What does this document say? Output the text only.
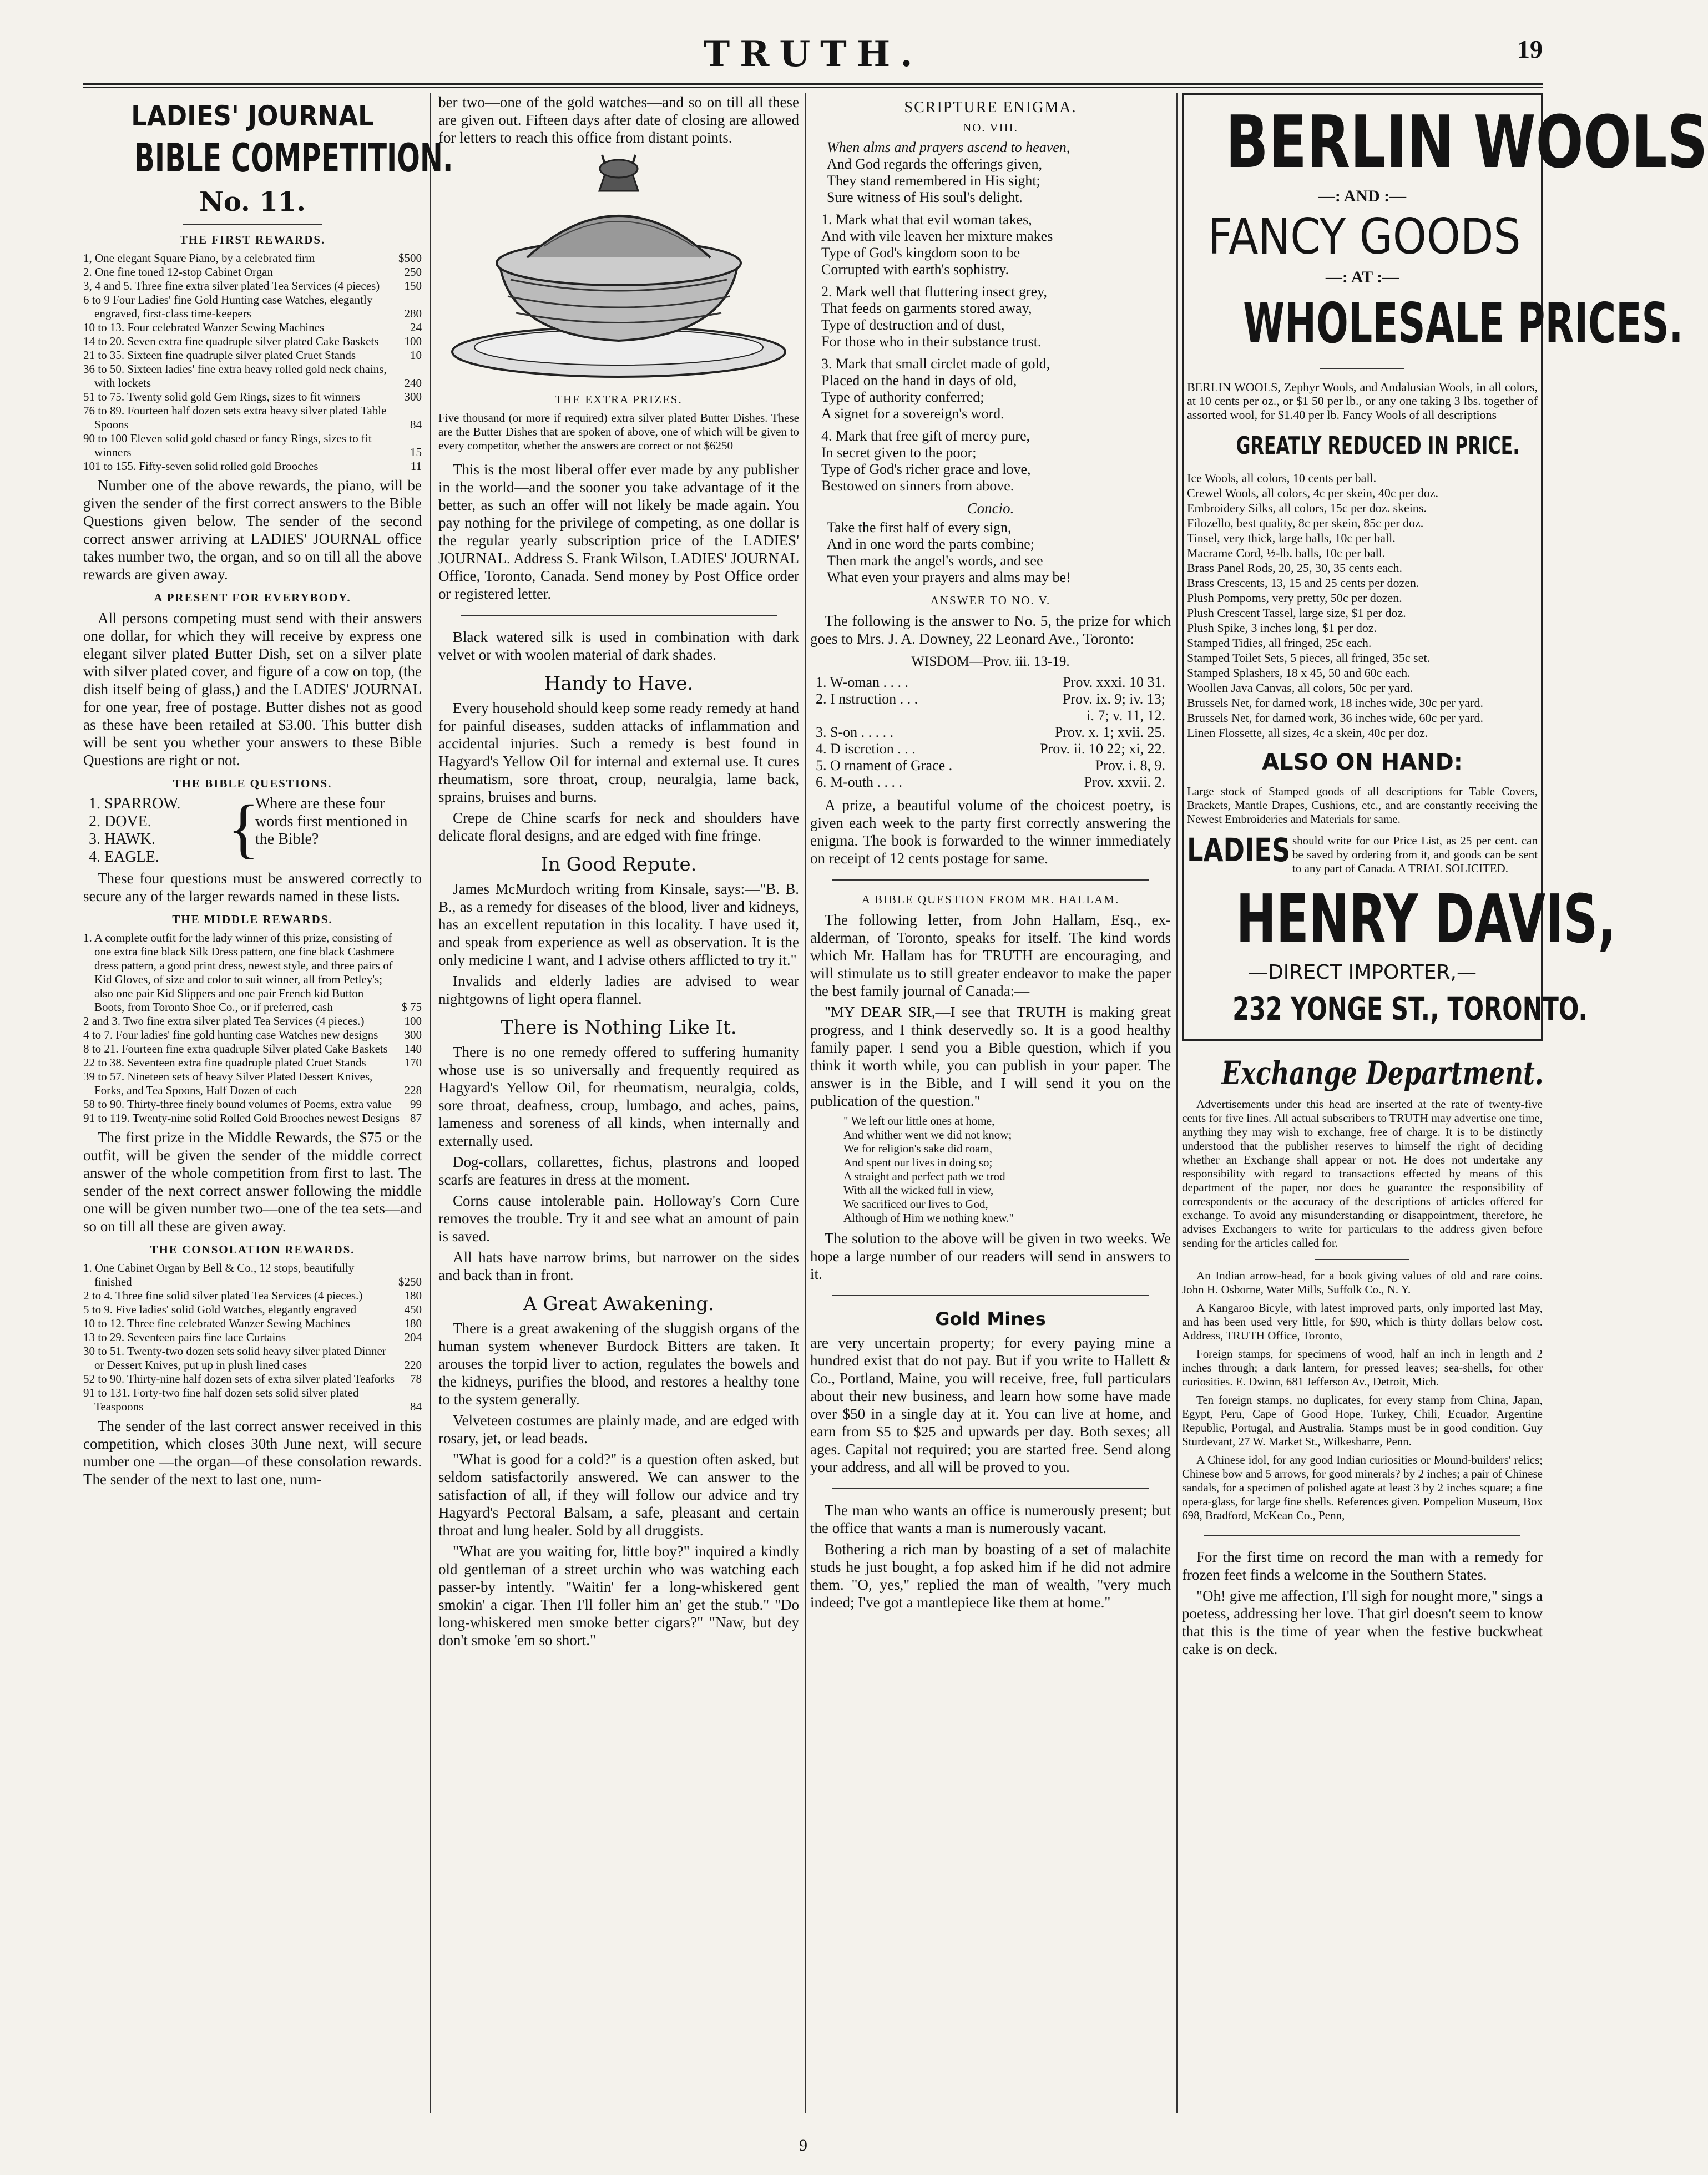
TRUTH.	19
LADIES' JOURNAL
BIBLE COMPETITION.
No. 11.
THE FIRST REWARDS.
1, One elegant Square Piano, by a celebrated firm	$500
2. One fine toned 12-stop Cabinet Organ	250
3, 4 and 5. Three fine extra silver plated Tea Services (4 pieces)	150
6 to 9 Four Ladies' fine Gold Hunting case Watches, elegantly engraved, first-class time-keepers	280
10 to 13. Four celebrated Wanzer Sewing Machines	24
14 to 20. Seven extra fine quadruple silver plated Cake Baskets	100
21 to 35. Sixteen fine quadruple silver plated Cruet Stands	10
36 to 50. Sixteen ladies' fine extra heavy rolled gold neck chains, with lockets	240
51 to 75. Twenty solid gold Gem Rings, sizes to fit winners	300
76 to 89. Fourteen half dozen sets extra heavy silver plated Table Spoons	84
90 to 100 Eleven solid gold chased or fancy Rings, sizes to fit winners	15
101 to 155. Fifty-seven solid rolled gold Brooches	11

Number one of the above rewards, the piano, will be given the sender of the first correct answers to the Bible Questions given below. The sender of the second correct answer arriving at LADIES' JOURNAL office takes number two, the organ, and so on till all the above rewards are given away.

A PRESENT FOR EVERYBODY.

All persons competing must send with their answers one dollar, for which they will receive by express one elegant silver plated Butter Dish, set on a silver plate with silver plated cover, and figure of a cow on top, (the dish itself being of glass,) and the LADIES' JOURNAL for one year, free of postage. Butter dishes not as good as these have been retailed at $3.00. This butter dish will be sent you whether your answers to these Bible Questions are right or not.

THE BIBLE QUESTIONS.
1. SPARROW.
2. DOVE.
3. HAWK.
4. EAGLE.	{
Where are these four words first mentioned in the Bible?

These four questions must be answered correctly to secure any of the larger rewards named in these lists.

THE MIDDLE REWARDS.
1. A complete outfit for the lady winner of this prize, consisting of one extra fine black Silk Dress pattern, one fine black Cashmere dress pattern, a good print dress, newest style, and three pairs of Kid Gloves, of size and color to suit winner, all from Petley's; also one pair Kid Slippers and one pair French kid Button Boots, from Toronto Shoe Co., or if preferred, cash	$ 75
2 and 3. Two fine extra silver plated Tea Services (4 pieces.)	100
4 to 7. Four ladies' fine gold hunting case Watches new designs	300
8 to 21. Fourteen fine extra quadruple Silver plated Cake Baskets	140
22 to 38. Seventeen extra fine quadruple plated Cruet Stands	170
39 to 57. Nineteen sets of heavy Silver Plated Dessert Knives, Forks, and Tea Spoons, Half Dozen of each	228
58 to 90. Thirty-three finely bound volumes of Poems, extra value	99
91 to 119. Twenty-nine solid Rolled Gold Brooches newest Designs 87

The first prize in the Middle Rewards, the $75 or the outfit, will be given the sender of the middle correct answer of the whole competition from first to last. The sender of the next correct answer following the middle one will be given number two—one of the tea sets—and so on till all these are given away.

THE CONSOLATION REWARDS.
1. One Cabinet Organ by Bell & Co., 12 stops, beautifully finished	$250
2 to 4. Three fine solid silver plated Tea Services (4 pieces.)	180
5 to 9. Five ladies' solid Gold Watches, elegantly engraved	450
10 to 12. Three fine celebrated Wanzer Sewing Machines	180
13 to 29. Seventeen pairs fine lace Curtains	204
30 to 51. Twenty-two dozen sets solid heavy silver plated Dinner or Dessert Knives, put up in plush lined cases	220
52 to 90. Thirty-nine half dozen sets of extra silver plated Teaforks	78
91 to 131. Forty-two fine half dozen sets solid silver plated Teaspoons	84

The sender of the last correct answer received in this competition, which closes 30th June next, will secure number one —the organ—of these consolation rewards. The sender of the next to last one, num-

ber two—one of the gold watches—and so on till all these are given out. Fifteen days after date of closing are allowed for letters to reach this office from distant points.

THE EXTRA PRIZES.

Five thousand (or more if required) extra silver plated Butter Dishes. These are the Butter Dishes that are spoken of above, one of which will be given to every competitor, whether the answers are correct or not $6250

This is the most liberal offer ever made by any publisher in the world—and the sooner you take advantage of it the better, as such an offer will not likely be made again. You pay nothing for the privilege of competing, as one dollar is the regular yearly subscription price of the LADIES' JOURNAL. Address S. Frank Wilson, LADIES' JOURNAL Office, Toronto, Canada. Send money by Post Office order or registered letter.

Black watered silk is used in combination with dark velvet or with woolen material of dark shades.

Handy to Have.

Every household should keep some ready remedy at hand for painful diseases, sudden attacks of inflammation and accidental injuries. Such a remedy is best found in Hagyard's Yellow Oil for internal and external use. It cures rheumatism, sore throat, croup, neuralgia, lame back, sprains, bruises and burns.

Crepe de Chine scarfs for neck and shoulders have delicate floral designs, and are edged with fine fringe.

In Good Repute.

James McMurdoch writing from Kinsale, says:—"B. B. B., as a remedy for diseases of the blood, liver and kidneys, has an excellent reputation in this locality. I have used it, and speak from experience as well as observation. It is the only medicine I want, and I advise others afflicted to try it."

Invalids and elderly ladies are advised to wear nightgowns of light opera flannel.

There is Nothing Like It.

There is no one remedy offered to suffering humanity whose use is so universally and frequently required as Hagyard's Yellow Oil, for rheumatism, neuralgia, colds, sore throat, deafness, croup, lumbago, and aches, pains, lameness and soreness of all kinds, when internally and externally used.

Dog-collars, collarettes, fichus, plastrons and looped scarfs are features in dress at the moment.

Corns cause intolerable pain. Holloway's Corn Cure removes the trouble. Try it and see what an amount of pain is saved.

All hats have narrow brims, but narrower on the sides and back than in front.

A Great Awakening.

There is a great awakening of the sluggish organs of the human system whenever Burdock Bitters are taken. It arouses the torpid liver to action, regulates the bowels and the kidneys, purifies the blood, and restores a healthy tone to the system generally.

Velveteen costumes are plainly made, and are edged with rosary, jet, or lead beads.

"What is good for a cold?" is a question often asked, but seldom satisfactorily answered. We can answer to the satisfaction of all, if they will follow our advice and try Hagyard's Pectoral Balsam, a safe, pleasant and certain throat and lung healer. Sold by all druggists.

"What are you waiting for, little boy?" inquired a kindly old gentleman of a street urchin who was watching each passer-by intently. "Waitin' fer a long-whiskered gent smokin' a cigar. Then I'll foller him an' get the stub." "Do long-whiskered men smoke better cigars?" "Naw, but dey don't smoke 'em so short."

SCRIPTURE ENIGMA.
NO. VIII.
When alms and prayers ascend to heaven,
And God regards the offerings given,
They stand remembered in His sight;
Sure witness of His soul's delight.
1. Mark what that evil woman takes,
And with vile leaven her mixture makes
Type of God's kingdom soon to be
Corrupted with earth's sophistry.
2. Mark well that fluttering insect grey,
That feeds on garments stored away,
Type of destruction and of dust,
For those who in their substance trust.
3. Mark that small circlet made of gold,
Placed on the hand in days of old,
Type of authority conferred;
A signet for a sovereign's word.
4. Mark that free gift of mercy pure,
In secret given to the poor;
Type of God's richer grace and love,
Bestowed on sinners from above.
Concio.
Take the first half of every sign,
And in one word the parts combine;
Then mark the angel's words, and see
What even your prayers and alms may be!
ANSWER TO NO. V.

The following is the answer to No. 5, the prize for which goes to Mrs. J. A. Downey, 22 Leonard Ave., Toronto:

WISDOM—Prov. iii. 13-19.
1. W-oman . . . .	Prov. xxxi. 10 31.
2. I nstruction . . .	Prov. ix. 9; iv. 13;
i. 7; v. 11, 12.
3. S-on . . . . .	Prov. x. 1; xvii. 25.
4. D iscretion . . .	Prov. ii. 10 22; xi, 22.
5. O rnament of Grace .	Prov. i. 8, 9.
6. M-outh . . . .	Prov. xxvii. 2.

A prize, a beautiful volume of the choicest poetry, is given each week to the party first correctly answering the enigma. The book is forwarded to the winner immediately on receipt of 12 cents postage for same.

A BIBLE QUESTION FROM MR. HALLAM.

The following letter, from John Hallam, Esq., ex-alderman, of Toronto, speaks for itself. The kind words which Mr. Hallam has for TRUTH are encouraging, and will stimulate us to still greater endeavor to make the paper the best family journal of Canada:—

"MY DEAR SIR,—I see that TRUTH is making great progress, and I think deservedly so. It is a good healthy family paper. I send you a Bible question, which if you think it worth while, you can publish in your paper. The answer is in the Bible, and I will send it you on the publication of the question."

" We left our little ones at home,
And whither went we did not know;
We for religion's sake did roam,
And spent our lives in doing so;
A straight and perfect path we trod
With all the wicked full in view,
We sacrificed our lives to God,
Although of Him we nothing knew."

The solution to the above will be given in two weeks. We hope a large number of our readers will send in answers to it.

Gold Mines

are very uncertain property; for every paying mine a hundred exist that do not pay. But if you write to Hallett & Co., Portland, Maine, you will receive, free, full particulars about their new business, and learn how some have made over $50 in a single day at it. You can live at home, and earn from $5 to $25 and upwards per day. Both sexes; all ages. Capital not required; you are started free. Send along your address, and all will be proved to you.

The man who wants an office is numerously present; but the office that wants a man is numerously vacant.

Bothering a rich man by boasting of a set of malachite studs he just bought, a fop asked him if he did not admire them. "O, yes," replied the man of wealth, "very much indeed; I've got a mantlepiece like them at home."

BERLIN WOOLS
—: AND :—
FANCY GOODS
—: AT :—
WHOLESALE PRICES.

BERLIN WOOLS, Zephyr Wools, and Andalusian Wools, in all colors, at 10 cents per oz., or $1 50 per lb., or any one taking 3 lbs. together of assorted wool, for $1.40 per lb. Fancy Wools of all descriptions

GREATLY REDUCED IN PRICE.
Ice Wools, all colors, 10 cents per ball.
Crewel Wools, all colors, 4c per skein, 40c per doz.
Embroidery Silks, all colors, 15c per doz. skeins.
Filozello, best quality, 8c per skein, 85c per doz.
Tinsel, very thick, large balls, 10c per ball.
Macrame Cord, ½-lb. balls, 10c per ball.
Brass Panel Rods, 20, 25, 30, 35 cents each.
Brass Crescents, 13, 15 and 25 cents per dozen.
Plush Pompoms, very pretty, 50c per dozen.
Plush Crescent Tassel, large size, $1 per doz.
Plush Spike, 3 inches long, $1 per doz.
Stamped Tidies, all fringed, 25c each.
Stamped Toilet Sets, 5 pieces, all fringed, 35c set.
Stamped Splashers, 18 x 45, 50 and 60c each.
Woollen Java Canvas, all colors, 50c per yard.
Brussels Net, for darned work, 18 inches wide, 30c per yard.
Brussels Net, for darned work, 36 inches wide, 60c per yard.
Linen Flossette, all sizes, 4c a skein, 40c per doz.
ALSO ON HAND:

Large stock of Stamped goods of all descriptions for Table Covers, Brackets, Mantle Drapes, Cushions, etc., and are constantly receiving the Newest Embroideries and Materials for same.

LADIES should write for our Price List, as 25 per cent. can be saved by ordering from it, and goods can be sent to any part of Canada. A TRIAL SOLICITED.

HENRY DAVIS,
—DIRECT IMPORTER,—
232 YONGE ST., TORONTO.
Exchange Department.

Advertisements under this head are inserted at the rate of twenty-five cents for five lines. All actual subscribers to TRUTH may advertise one time, anything they may wish to exchange, free of charge. It is to be distinctly understood that the publisher reserves to himself the right of deciding whether an Exchange shall appear or not. He does not undertake any responsibility with regard to transactions effected by means of this department of the paper, nor does he guarantee the responsibility of correspondents or the accuracy of the descriptions of articles offered for exchange. To avoid any misunderstanding or disappointment, therefore, he advises Exchangers to write for particulars to the address given before sending for the articles called for.

An Indian arrow-head, for a book giving values of old and rare coins. John H. Osborne, Water Mills, Suffolk Co., N. Y.

A Kangaroo Bicyle, with latest improved parts, only imported last May, and has been used very little, for $90, which is thirty dollars below cost. Address, TRUTH Office, Toronto,

Foreign stamps, for specimens of wood, half an inch in length and 2 inches through; a dark lantern, for pressed leaves; sea-shells, for other curiosities. E. Dwinn, 681 Jefferson Av., Detroit, Mich.

Ten foreign stamps, no duplicates, for every stamp from China, Japan, Egypt, Peru, Cape of Good Hope, Turkey, Chili, Ecuador, Argentine Republic, Portugal, and Australia. Stamps must be in good condition. Guy Sturdevant, 27 W. Market St., Wilkesbarre, Penn.

A Chinese idol, for any good Indian curiosities or Mound-builders' relics; Chinese bow and 5 arrows, for good minerals? by 2 inches; a pair of Chinese sandals, for a specimen of polished agate at least 3 by 2 inches square; a fine opera-glass, for large fine shells. References given. Pompelion Museum, Box 698, Bradford, McKean Co., Penn,

For the first time on record the man with a remedy for frozen feet finds a welcome in the Southern States.

"Oh! give me affection, I'll sigh for nought more," sings a poetess, addressing her love. That girl doesn't seem to know that this is the time of year when the festive buckwheat cake is on deck.

9
